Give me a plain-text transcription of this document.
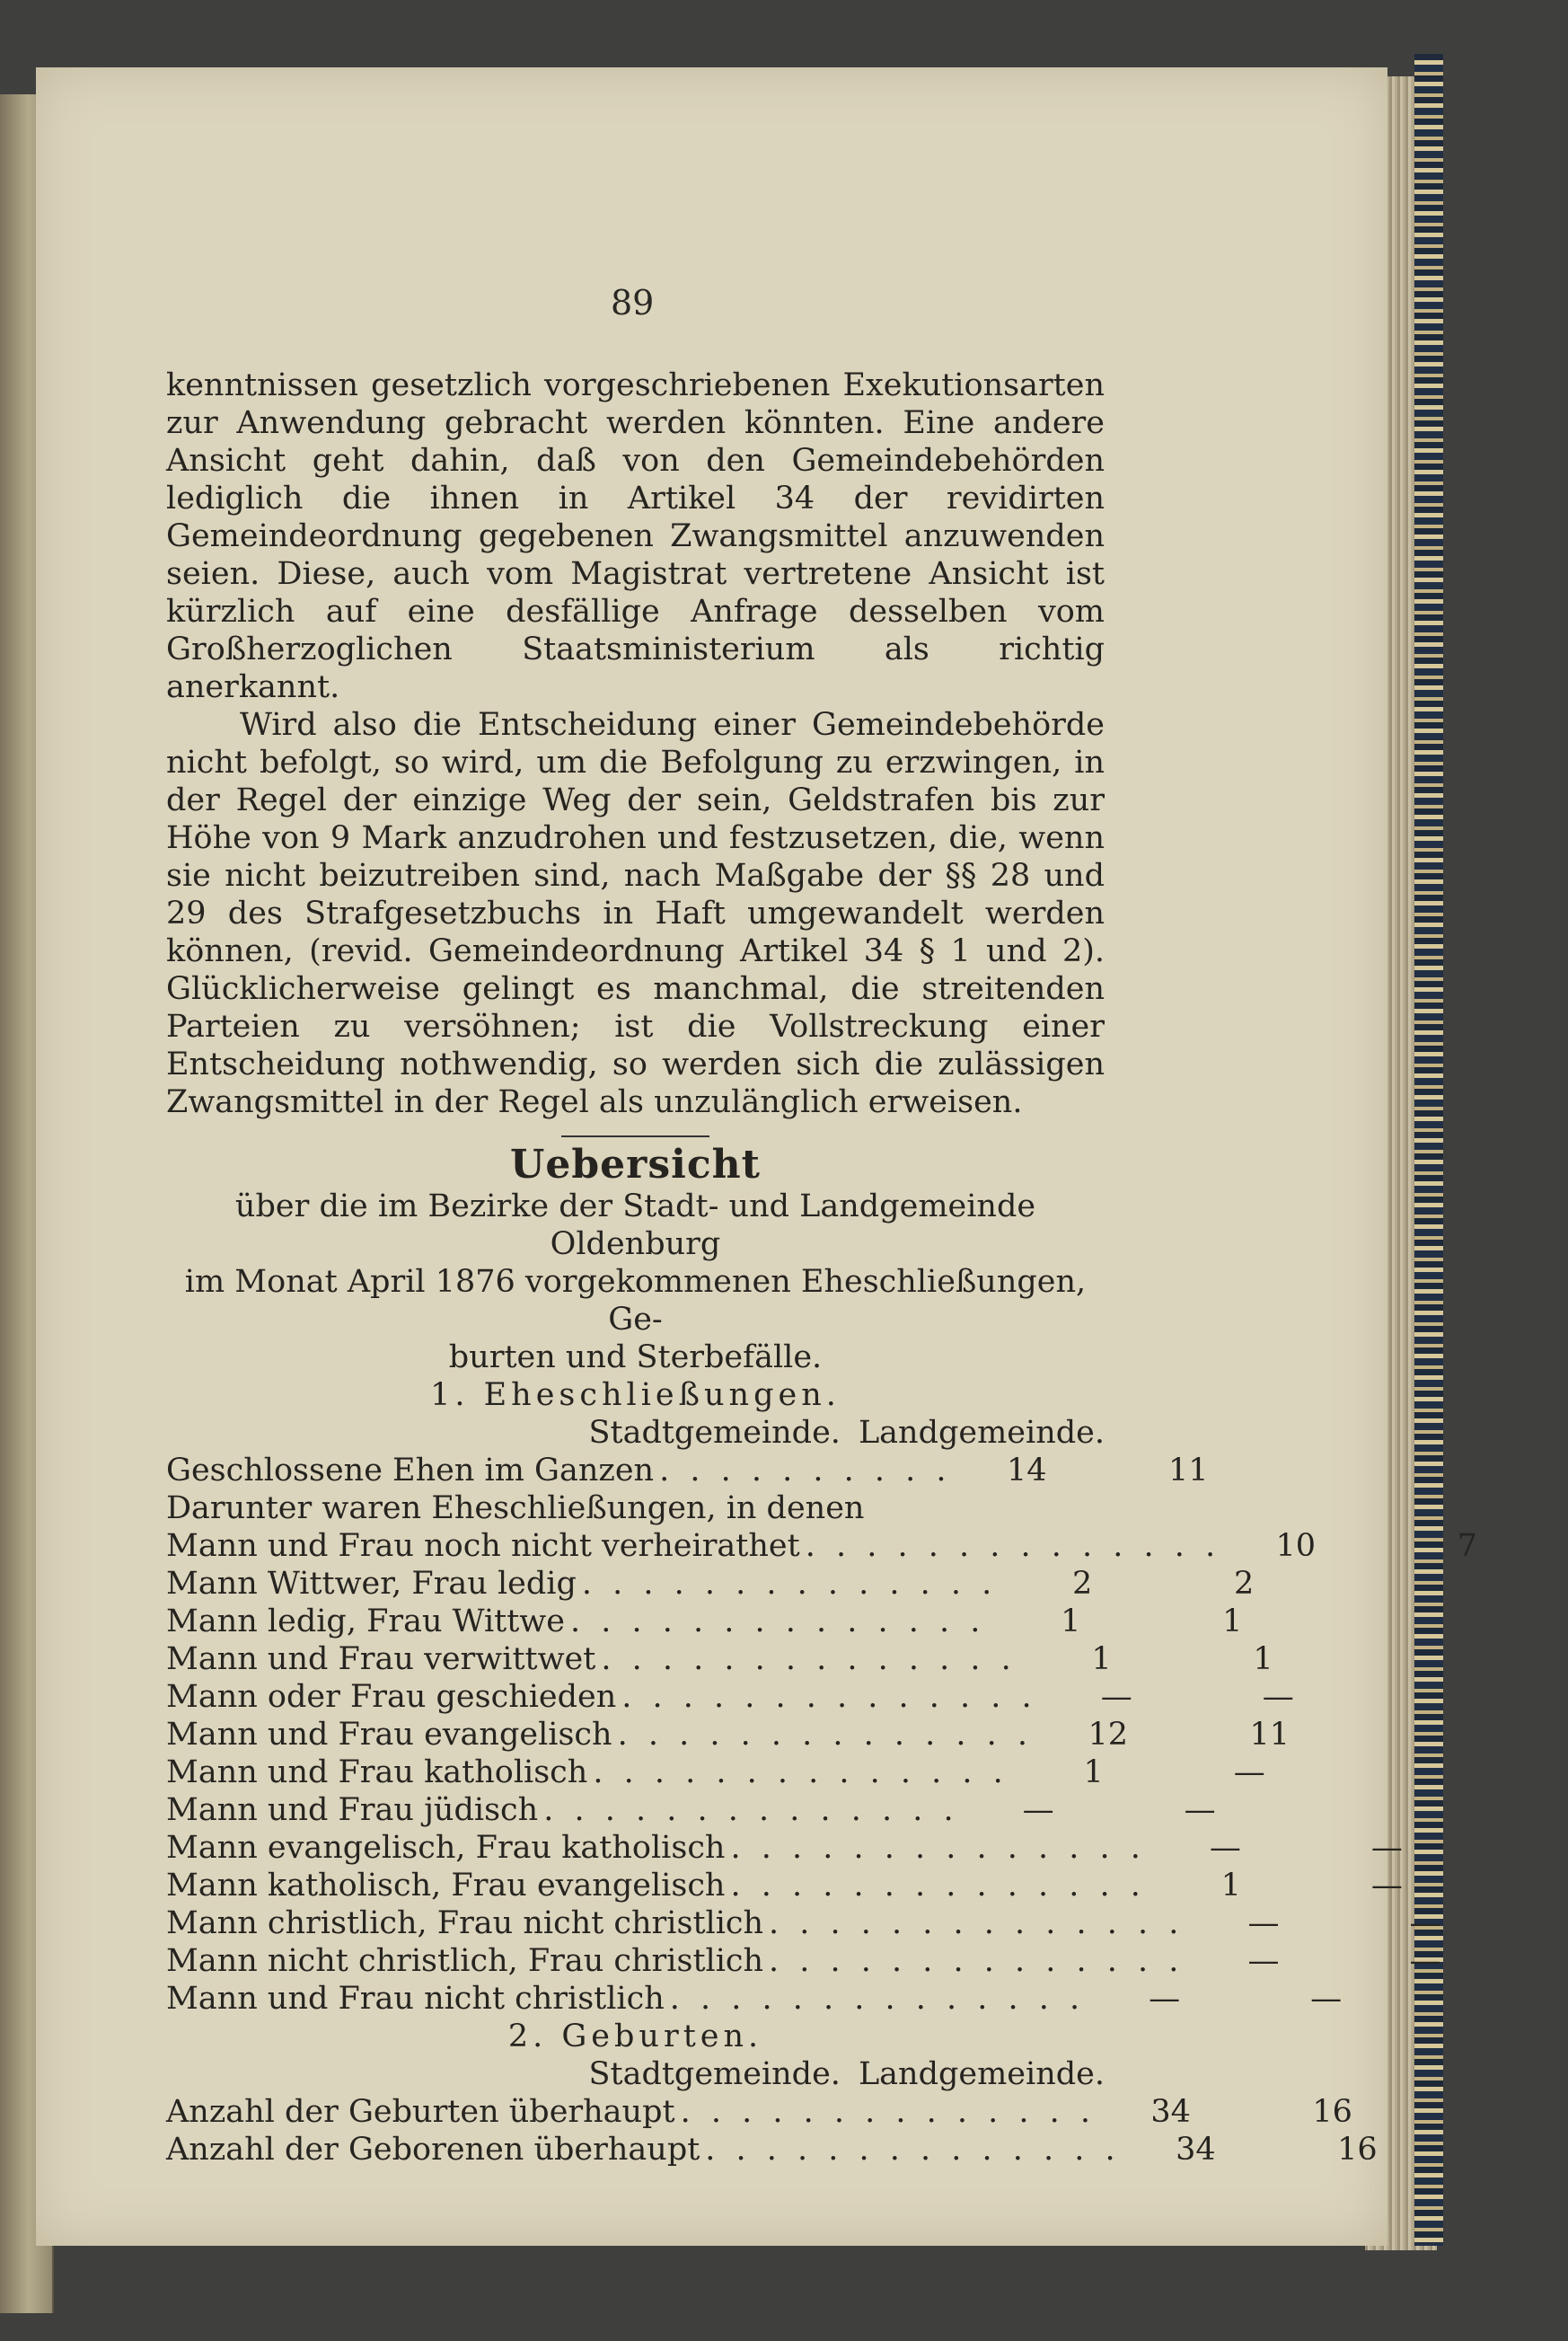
89

kenntnissen gesetzlich vorgeschriebenen Exekutionsarten zur Anwendung gebracht werden könnten. Eine andere Ansicht geht dahin, daß von den Gemeindebehörden lediglich die ihnen in Artikel 34 der revidirten Gemeindeordnung gegebenen Zwangsmittel anzuwenden seien. Diese, auch vom Magistrat vertretene Ansicht ist kürzlich auf eine desfällige Anfrage desselben vom Großherzoglichen Staatsministerium als richtig anerkannt.

Wird also die Entscheidung einer Gemeindebehörde nicht befolgt, so wird, um die Befolgung zu erzwingen, in der Regel der einzige Weg der sein, Geldstrafen bis zur Höhe von 9 Mark anzudrohen und festzusetzen, die, wenn sie nicht beizutreiben sind, nach Maßgabe der §§ 28 und 29 des Strafgesetzbuchs in Haft umgewandelt werden können, (revid. Gemeindeordnung Artikel 34 § 1 und 2). Glücklicherweise gelingt es manchmal, die streitenden Parteien zu versöhnen; ist die Vollstreckung einer Entscheidung nothwendig, so werden sich die zulässigen Zwangsmittel in der Regel als unzulänglich erweisen.

Uebersicht
über die im Bezirke der Stadt- und Landgemeinde Oldenburg
im Monat April 1876 vorgekommenen Eheschließungen, Ge-
burten und Sterbefälle.
1. Eheschließungen.
Stadtgemeinde. Landgemeinde.
Geschlossene Ehen im Ganzen . . . . . . . . . .	14	11
Darunter waren Eheschließungen, in denen
Mann und Frau noch nicht verheirathet . . . . . . . . . . . . . .	10	7
Mann Wittwer, Frau ledig . . . . . . . . . . . . . .	2	2
Mann ledig, Frau Wittwe . . . . . . . . . . . . . .	1	1
Mann und Frau verwittwet . . . . . . . . . . . . . .	1	1
Mann oder Frau geschieden . . . . . . . . . . . . . .	—	—
Mann und Frau evangelisch . . . . . . . . . . . . . .	12	11
Mann und Frau katholisch . . . . . . . . . . . . . .	1	—
Mann und Frau jüdisch . . . . . . . . . . . . . .	—	—
Mann evangelisch, Frau katholisch . . . . . . . . . . . . . .	—	—
Mann katholisch, Frau evangelisch . . . . . . . . . . . . . .	1	—
Mann christlich, Frau nicht christlich . . . . . . . . . . . . . .	—	—
Mann nicht christlich, Frau christlich . . . . . . . . . . . . . .	—	—
Mann und Frau nicht christlich . . . . . . . . . . . . . .	—	—
2. Geburten.
Stadtgemeinde. Landgemeinde.
Anzahl der Geburten überhaupt . . . . . . . . . . . . . .	34	16
Anzahl der Geborenen überhaupt . . . . . . . . . . . . . .	34	16
